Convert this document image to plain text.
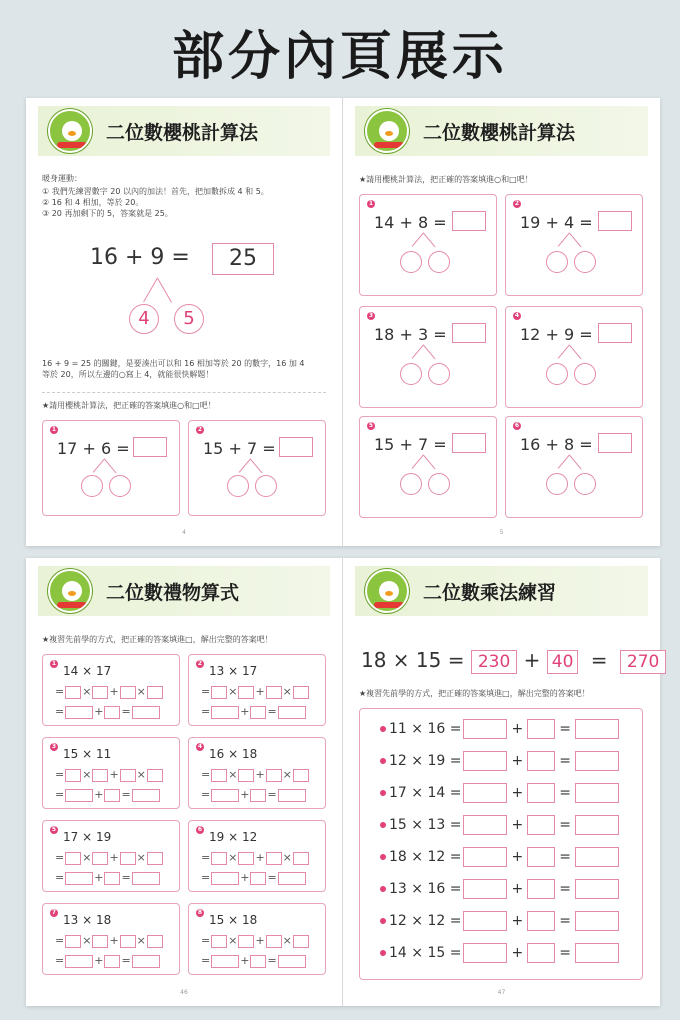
部分內頁展示
二位數櫻桃計算法
暖身運動：
① 我們先練習數字 20 以內的加法！首先，把加數拆成 4 和 5。
② 16 和 4 相加，等於 20。
③ 20 再加剩下的 5，答案就是 25。
16 + 9 =	25
4	5
16 + 9 = 25 的關鍵，是要湊出可以和 16 相加等於 20 的數字，16 加 4
等於 20，所以左邊的○寫上 4，就能很快解題！
★請用櫻桃計算法，把正確的答案填進○和□吧！
1
17 + 6 =
2
15 + 7 =
4
二位數櫻桃計算法
★請用櫻桃計算法，把正確的答案填進○和□吧！
1
14 + 8 =
2
19 + 4 =
3
18 + 3 =
4
12 + 9 =
5
15 + 7 =
6
16 + 8 =
5
二位數禮物算式
★複習先前學的方式，把正確的答案填進□，解出完整的答案吧！
1
14 × 17
= × + ×
=	+ =
2
13 × 17
= × + ×
=	+ =
3
15 × 11
= × + ×
=	+ =
4
16 × 18
= × + ×
=	+ =
5
17 × 19
= × + ×
=	+ =
6
19 × 12
= × + ×
=	+ =
7
13 × 18
= × + ×
=	+ =
8
15 × 18
= × + ×
=	+ =
46
二位數乘法練習
18 × 15 = 230 + 40 = 270
★複習先前學的方式，把正確的答案填進□，解出完整的答案吧！
11 × 16 =	+	=
12 × 19 =	+	=
17 × 14 =	+	=
15 × 13 =	+	=
18 × 12 =	+	=
13 × 16 =	+	=
12 × 12 =	+	=
14 × 15 =	+	=
47
